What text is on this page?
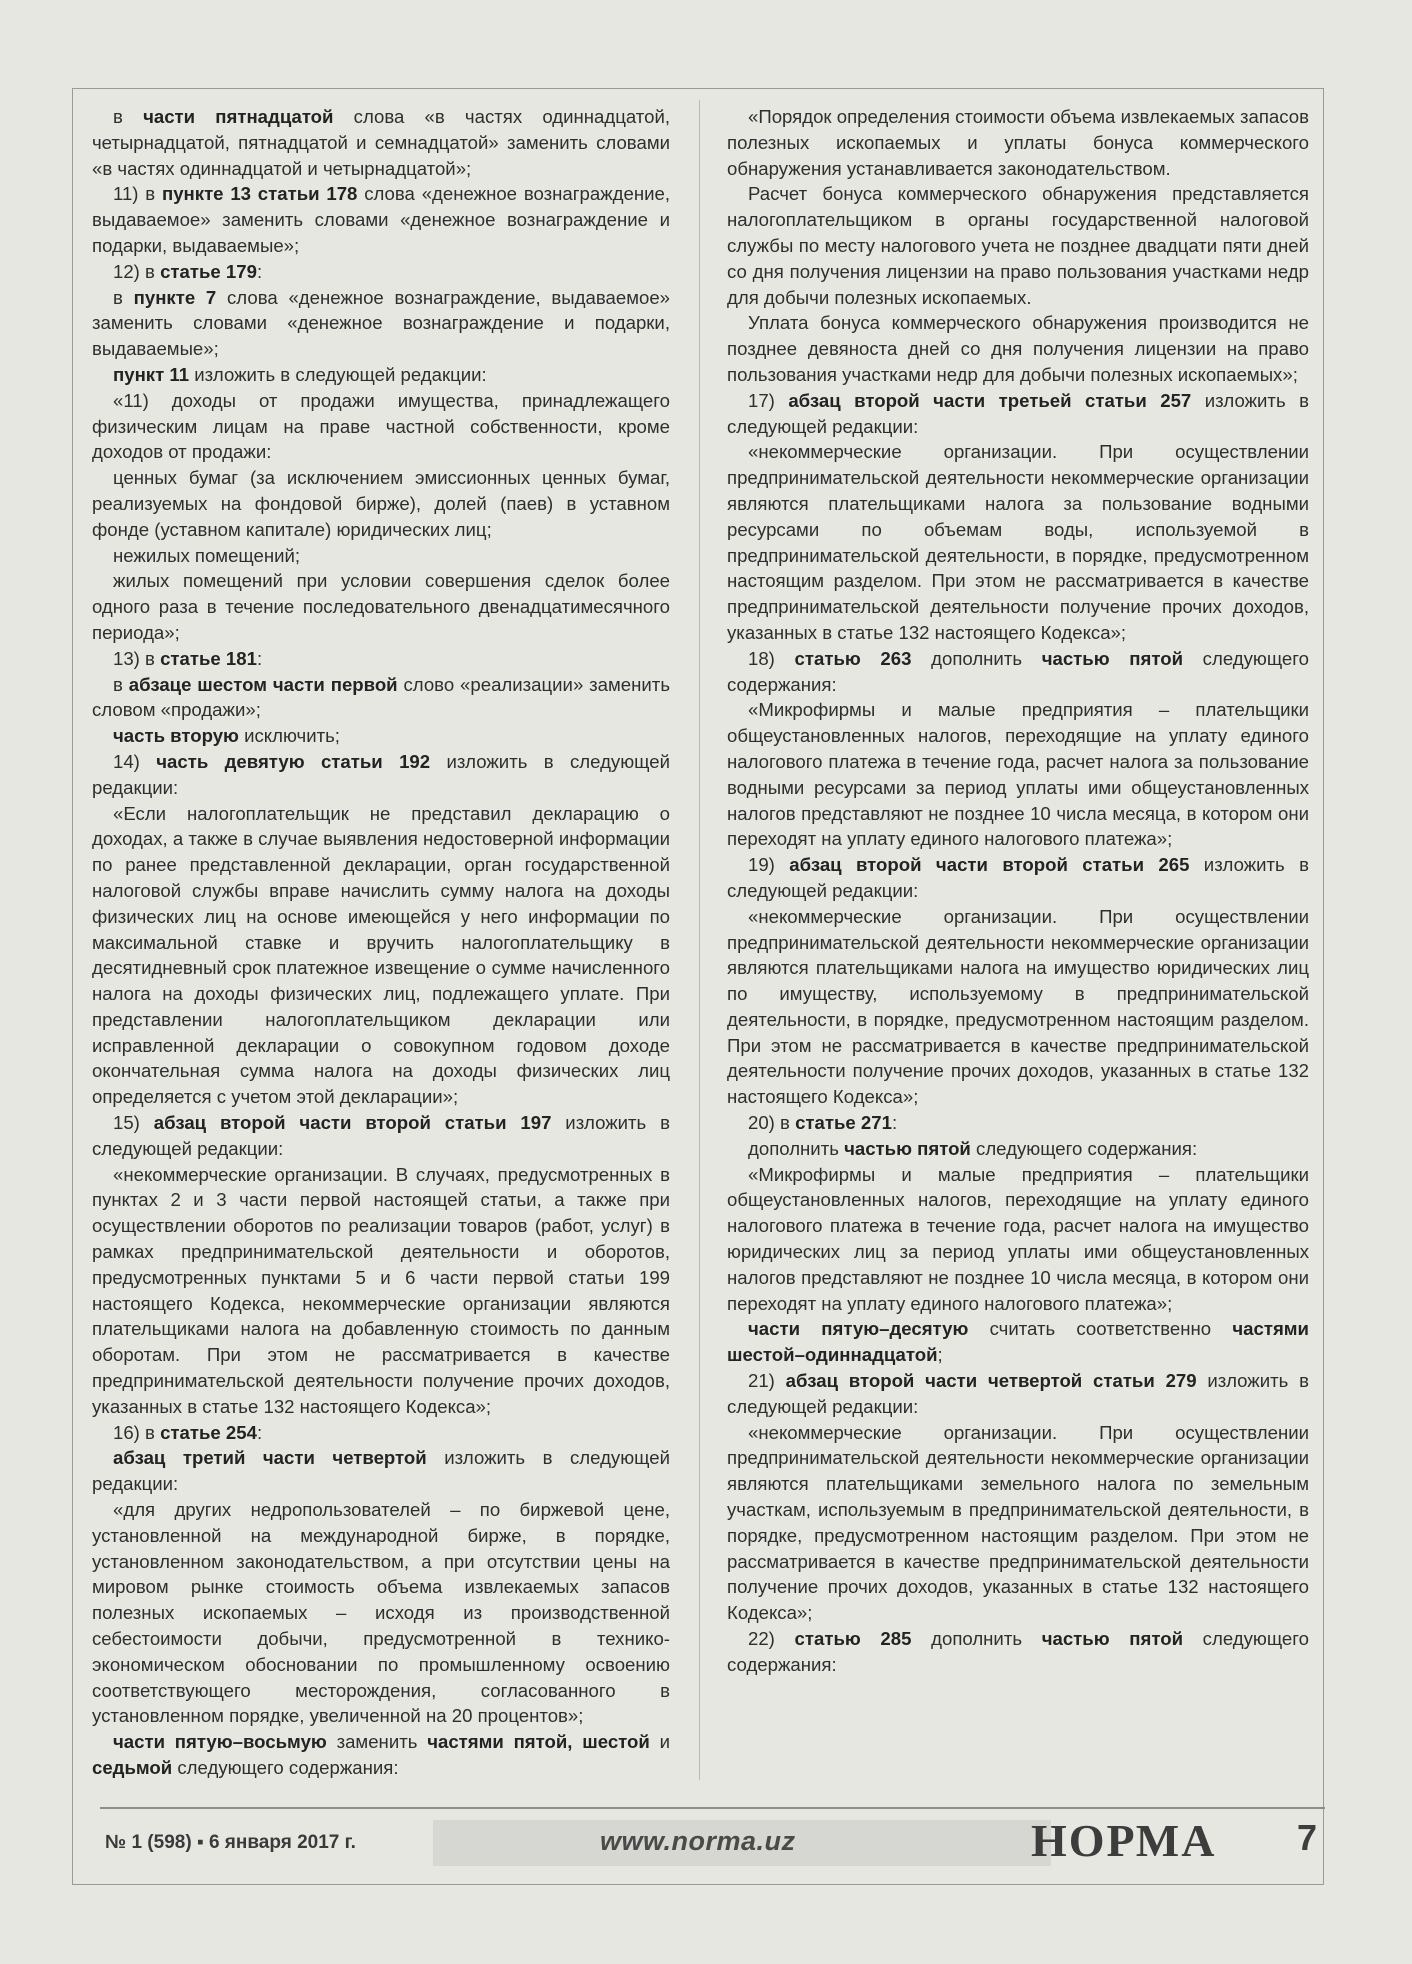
в части пятнадцатой слова «в частях одиннадцатой, четырнадцатой, пятнадцатой и семнадцатой» заменить словами «в частях одиннадцатой и четырнадцатой»;

11) в пункте 13 статьи 178 слова «денежное вознаграждение, выдаваемое» заменить словами «денежное вознаграждение и подарки, выдаваемые»;

12) в статье 179:

в пункте 7 слова «денежное вознаграждение, выдаваемое» заменить словами «денежное вознаграждение и подарки, выдаваемые»;

пункт 11 изложить в следующей редакции:

«11) доходы от продажи имущества, принадлежащего физическим лицам на праве частной собственности, кроме доходов от продажи:

ценных бумаг (за исключением эмиссионных ценных бумаг, реализуемых на фондовой бирже), долей (паев) в уставном фонде (уставном капитале) юридических лиц;

нежилых помещений;

жилых помещений при условии совершения сделок более одного раза в течение последовательного двенадцатимесячного периода»;

13) в статье 181:

в абзаце шестом части первой слово «реализации» заменить словом «продажи»;

часть вторую исключить;

14) часть девятую статьи 192 изложить в следующей редакции:

«Если налогоплательщик не представил декларацию о доходах, а также в случае выявления недостоверной информации по ранее представленной декларации, орган государственной налоговой службы вправе начислить сумму налога на доходы физических лиц на основе имеющейся у него информации по максимальной ставке и вручить налогоплательщику в десятидневный срок платежное извещение о сумме начисленного налога на доходы физических лиц, подлежащего уплате. При представлении налогоплательщиком декларации или исправленной декларации о совокупном годовом доходе окончательная сумма налога на доходы физических лиц определяется с учетом этой декларации»;

15) абзац второй части второй статьи 197 изложить в следующей редакции:

«некоммерческие организации. В случаях, предусмотренных в пунктах 2 и 3 части первой настоящей статьи, а также при осуществлении оборотов по реализации товаров (работ, услуг) в рамках предпринимательской деятельности и оборотов, предусмотренных пунктами 5 и 6 части первой статьи 199 настоящего Кодекса, некоммерческие организации являются плательщиками налога на добавленную стоимость по данным оборотам. При этом не рассматривается в качестве предпринимательской деятельности получение прочих доходов, указанных в статье 132 настоящего Кодекса»;

16) в статье 254:

абзац третий части четвертой изложить в следующей редакции:

«для других недропользователей – по биржевой цене, установленной на международной бирже, в порядке, установленном законодательством, а при отсутствии цены на мировом рынке стоимость объема извлекаемых запасов полезных ископаемых – исходя из производственной себестоимости добычи, предусмотренной в технико-экономическом обосновании по промышленному освоению соответствующего месторождения, согласованного в установленном порядке, увеличенной на 20 процентов»;

части пятую–восьмую заменить частями пятой, шестой и седьмой следующего содержания:

«Порядок определения стоимости объема извлекаемых запасов полезных ископаемых и уплаты бонуса коммерческого обнаружения устанавливается законодательством.

Расчет бонуса коммерческого обнаружения представляется налогоплательщиком в органы государственной налоговой службы по месту налогового учета не позднее двадцати пяти дней со дня получения лицензии на право пользования участками недр для добычи полезных ископаемых.

Уплата бонуса коммерческого обнаружения производится не позднее девяноста дней со дня получения лицензии на право пользования участками недр для добычи полезных ископаемых»;

17) абзац второй части третьей статьи 257 изложить в следующей редакции:

«некоммерческие организации. При осуществлении предпринимательской деятельности некоммерческие организации являются плательщиками налога за пользование водными ресурсами по объемам воды, используемой в предпринимательской деятельности, в порядке, предусмотренном настоящим разделом. При этом не рассматривается в качестве предпринимательской деятельности получение прочих доходов, указанных в статье 132 настоящего Кодекса»;

18) статью 263 дополнить частью пятой следующего содержания:

«Микрофирмы и малые предприятия – плательщики общеустановленных налогов, переходящие на уплату единого налогового платежа в течение года, расчет налога за пользование водными ресурсами за период уплаты ими общеустановленных налогов представляют не позднее 10 числа месяца, в котором они переходят на уплату единого налогового платежа»;

19) абзац второй части второй статьи 265 изложить в следующей редакции:

«некоммерческие организации. При осуществлении предпринимательской деятельности некоммерческие организации являются плательщиками налога на имущество юридических лиц по имуществу, используемому в предпринимательской деятельности, в порядке, предусмотренном настоящим разделом. При этом не рассматривается в качестве предпринимательской деятельности получение прочих доходов, указанных в статье 132 настоящего Кодекса»;

20) в статье 271:

дополнить частью пятой следующего содержания:

«Микрофирмы и малые предприятия – плательщики общеустановленных налогов, переходящие на уплату единого налогового платежа в течение года, расчет налога на имущество юридических лиц за период уплаты ими общеустановленных налогов представляют не позднее 10 числа месяца, в котором они переходят на уплату единого налогового платежа»;

части пятую–десятую считать соответственно частями шестой–одиннадцатой;

21) абзац второй части четвертой статьи 279 изложить в следующей редакции:

«некоммерческие организации. При осуществлении предпринимательской деятельности некоммерческие организации являются плательщиками земельного налога по земельным участкам, используемым в предпринимательской деятельности, в порядке, предусмотренном настоящим разделом. При этом не рассматривается в качестве предпринимательской деятельности получение прочих доходов, указанных в статье 132 настоящего Кодекса»;

22) статью 285 дополнить частью пятой следующего содержания:

№ 1 (598) ▪ 6 января 2017 г.	www.norma.uz	НОРМА 7
